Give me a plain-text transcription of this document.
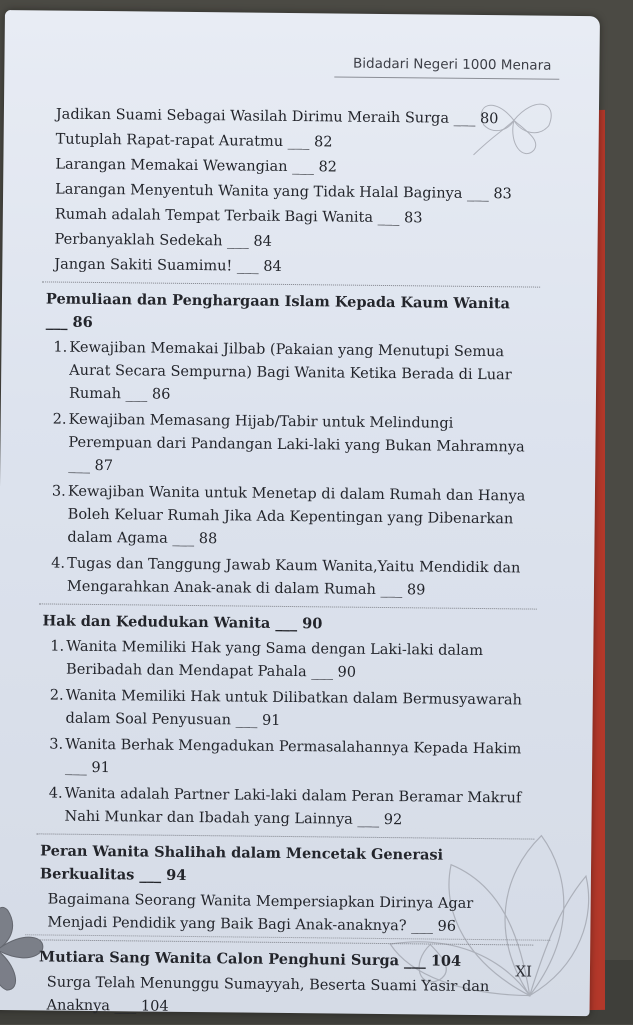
Bidadari Negeri 1000 Menara
Jadikan Suami Sebagai Wasilah Dirimu Meraih Surga ___ 80
Tutuplah Rapat-rapat Auratmu ___ 82
Larangan Memakai Wewangian ___ 82
Larangan Menyentuh Wanita yang Tidak Halal Baginya ___ 83
Rumah adalah Tempat Terbaik Bagi Wanita ___ 83
Perbanyaklah Sedekah ___ 84
Jangan Sakiti Suamimu! ___ 84
Pemuliaan dan Penghargaan Islam Kepada Kaum Wanita ___ 86
1. Kewajiban Memakai Jilbab (Pakaian yang Menutupi Semua Aurat Secara Sempurna) Bagi Wanita Ketika Berada di Luar Rumah ___ 86
2. Kewajiban Memasang Hijab/Tabir untuk Melindungi Perempuan dari Pandangan Laki-laki yang Bukan Mahramnya ___ 87
3. Kewajiban Wanita untuk Menetap di dalam Rumah dan Hanya Boleh Keluar Rumah Jika Ada Kepentingan yang Dibenarkan dalam Agama ___ 88
4. Tugas dan Tanggung Jawab Kaum Wanita,Yaitu Mendidik dan Mengarahkan Anak-anak di dalam Rumah ___ 89
Hak dan Kedudukan Wanita ___ 90
1. Wanita Memiliki Hak yang Sama dengan Laki-laki dalam Beribadah dan Mendapat Pahala ___ 90
2. Wanita Memiliki Hak untuk Dilibatkan dalam Bermusyawarah dalam Soal Penyusuan ___ 91
3. Wanita Berhak Mengadukan Permasalahannya Kepada Hakim ___ 91
4. Wanita adalah Partner Laki-laki dalam Peran Beramar Makruf Nahi Munkar dan Ibadah yang Lainnya ___ 92
Peran Wanita Shalihah dalam Mencetak Generasi Berkualitas ___ 94
Bagaimana Seorang Wanita Mempersiapkan Dirinya Agar Menjadi Pendidik yang Baik Bagi Anak-anaknya? ___ 96
Mutiara Sang Wanita Calon Penghuni Surga ___ 104
Surga Telah Menunggu Sumayyah, Beserta Suami Yasir dan Anaknya ___ 104
XI
